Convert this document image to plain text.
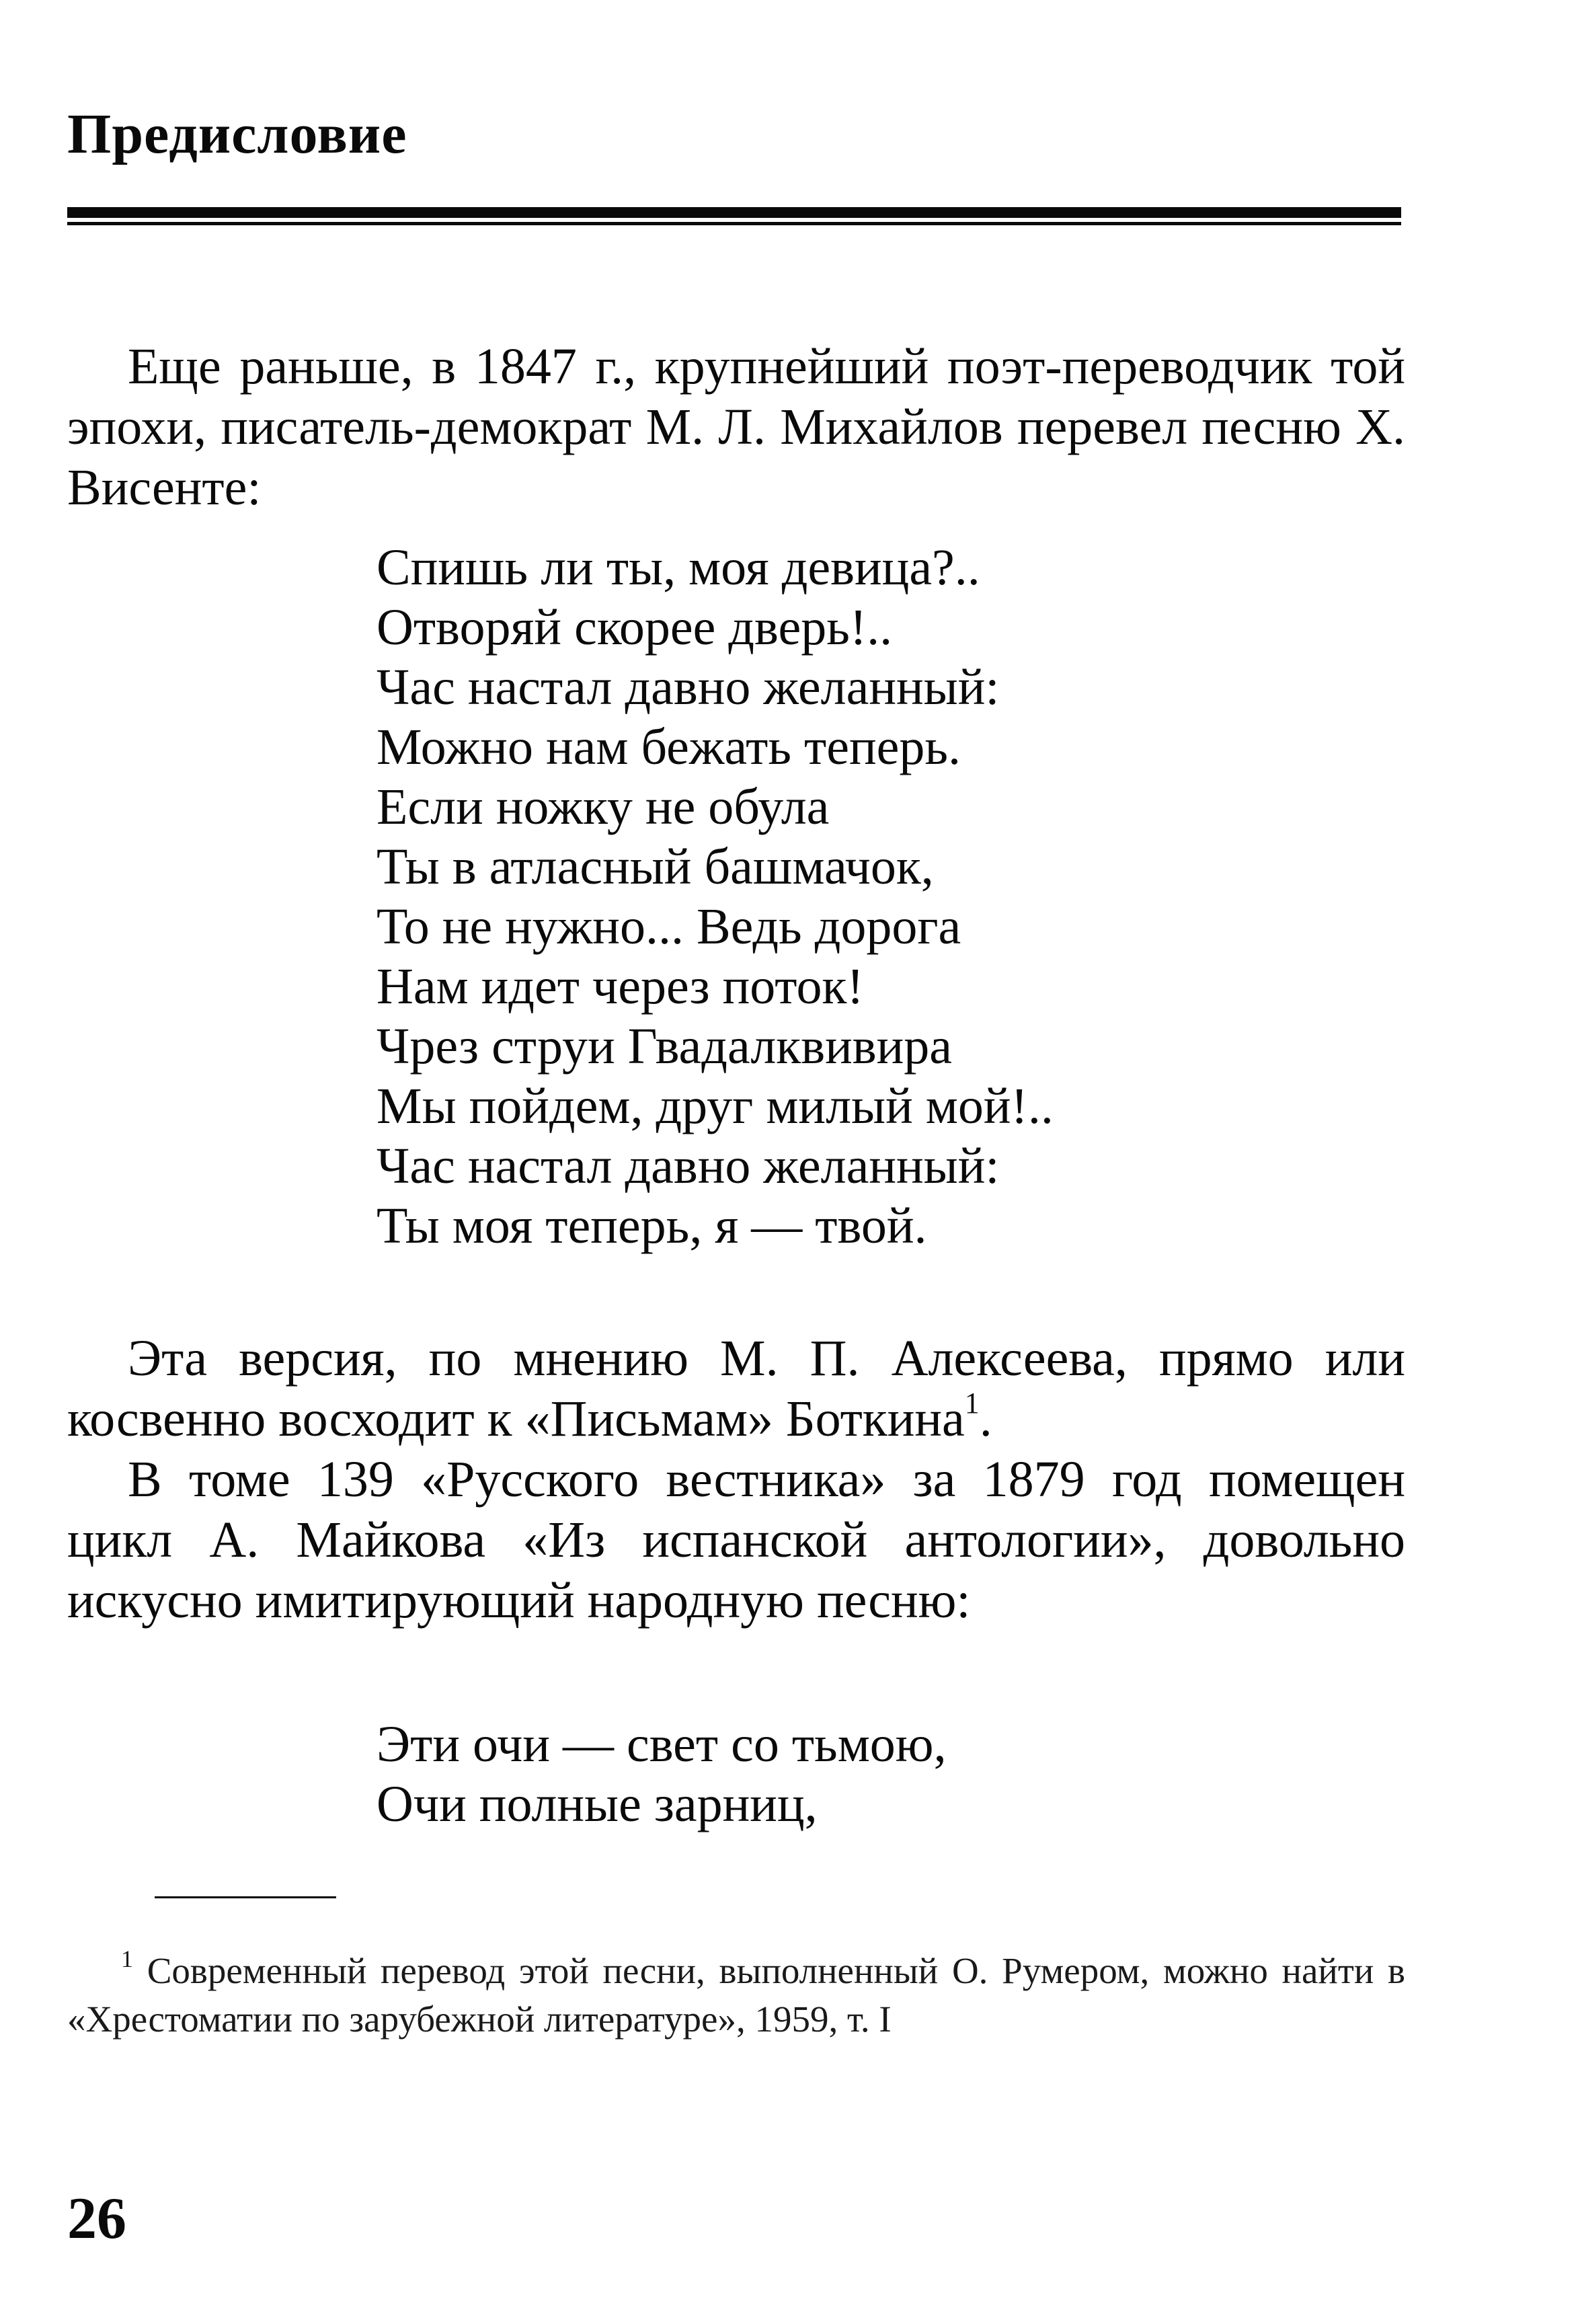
Предисловие

Еще раньше, в 1847 г., крупнейший поэт-переводчик той эпохи, писатель-демократ М. Л. Михайлов перевел песню Х. Висенте:

Спишь ли ты, моя девица?..
Отворяй скорее дверь!..
Час настал давно желанный:
Можно нам бежать теперь.
Если ножку не обула
Ты в атласный башмачок,
То не нужно... Ведь дорога
Нам идет через поток!
Чрез струи Гвадалквивира
Мы пойдем, друг милый мой!..
Час настал давно желанный:
Ты моя теперь, я — твой.

Эта версия, по мнению М. П. Алексеева, прямо или косвенно восходит к «Письмам» Боткина$^1$.

В томе 139 «Русского вестника» за 1879 год помещен цикл А. Майкова «Из испанской антологии», довольно искусно имитирующий народную песню:

Эти очи — свет со тьмою,
Очи полные зарниц,

$^1$ Современный перевод этой песни, выполненный О. Румером, можно найти в «Хрестоматии по зарубежной литературе», 1959, т. I

26
